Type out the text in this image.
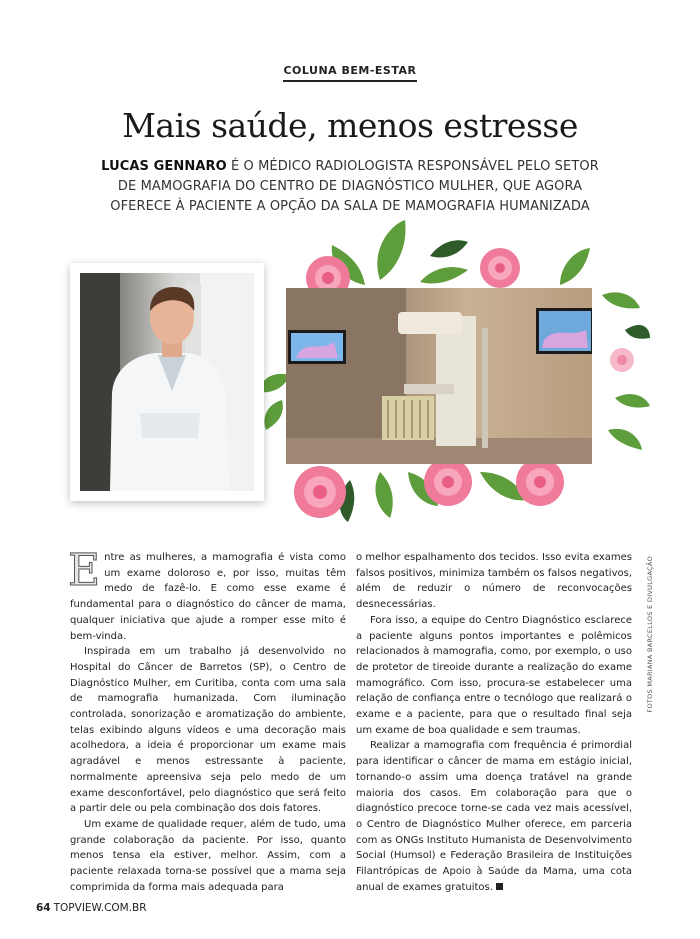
COLUNA BEM-ESTAR
Mais saúde, menos estresse
LUCAS GENNARO É O MÉDICO RADIOLOGISTA RESPONSÁVEL PELO SETOR DE MAMOGRAFIA DO CENTRO DE DIAGNÓSTICO MULHER, QUE AGORA OFERECE À PACIENTE A OPÇÃO DA SALA DE MAMOGRAFIA HUMANIZADA

Entre as mulheres, a mamografia é vista como um exame doloroso e, por isso, muitas têm medo de fazê-lo. E como esse exame é fundamental para o diagnóstico do câncer de mama, qualquer iniciativa que ajude a romper esse mito é bem-vinda.

Inspirada em um trabalho já desenvolvido no Hospital do Câncer de Barretos (SP), o Centro de Diagnóstico Mulher, em Curitiba, conta com uma sala de mamografia humanizada. Com iluminação controlada, sonorização e aromatização do ambiente, telas exibindo alguns vídeos e uma decoração mais acolhedora, a ideia é proporcionar um exame mais agradável e menos estressante à paciente, normalmente apreensiva seja pelo medo de um exame desconfortável, pelo diagnóstico que será feito a partir dele ou pela combinação dos dois fatores.

Um exame de qualidade requer, além de tudo, uma grande colaboração da paciente. Por isso, quanto menos tensa ela estiver, melhor. Assim, com a paciente relaxada torna-se possível que a mama seja comprimida da forma mais adequada para

o melhor espalhamento dos tecidos. Isso evita exames falsos positivos, minimiza também os falsos negativos, além de reduzir o número de reconvocações desnecessárias.

Fora isso, a equipe do Centro Diagnóstico esclarece a paciente alguns pontos importantes e polêmicos relacionados à mamografia, como, por exemplo, o uso de protetor de tireoide durante a realização do exame mamográfico. Com isso, procura-se estabelecer uma relação de confiança entre o tecnólogo que realizará o exame e a paciente, para que o resultado final seja um exame de boa qualidade e sem traumas.

Realizar a mamografia com frequência é primordial para identificar o câncer de mama em estágio inicial, tornando-o assim uma doença tratável na grande maioria dos casos. Em colaboração para que o diagnóstico precoce torne-se cada vez mais acessível, o Centro de Diagnóstico Mulher oferece, em parceria com as ONGs Instituto Humanista de Desenvolvimento Social (Humsol) e Federação Brasileira de Instituições Filantrópicas de Apoio à Saúde da Mama, uma cota anual de exames gratuitos.

FOTOS MARIANA BARCELLOS E DIVULGAÇÃO
64 TOPVIEW.COM.BR
